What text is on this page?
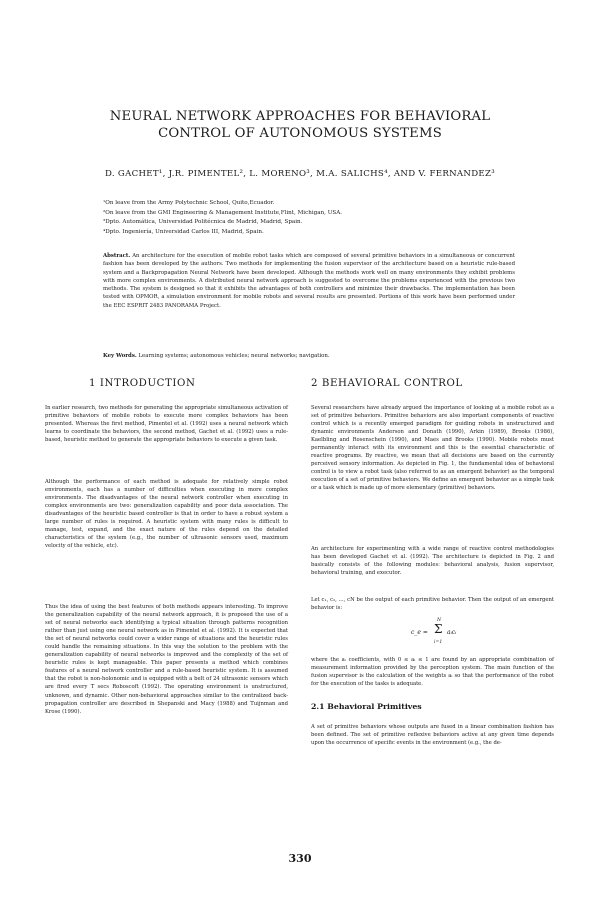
NEURAL NETWORK APPROACHES FOR BEHAVIORAL
CONTROL OF AUTONOMOUS SYSTEMS
D. GACHET¹, J.R. PIMENTEL², L. MORENO³, M.A. SALICHS⁴, AND V. FERNANDEZ³
¹On leave from the Army Polytechnic School, Quito,Ecuador.
²On leave from the GMI Engineering & Management Institute,Flint, Michigan, USA.
³Dpto. Automática, Universidad Politécnica de Madrid, Madrid, Spain.
⁴Dpto. Ingeniería, Universidad Carlos III, Madrid, Spain.
Abstract. An architecture for the execution of mobile robot tasks which are composed of several primitive behaviors in a simultaneous or concurrent fashion has been developed by the authors. Two methods for implementing the fusion supervisor of the architecture based on a heuristic rule-based system and a Backpropagation Neural Network have been developed. Although the methods work well on many environments they exhibit problems with more complex environments. A distributed neural network approach is suggested to overcome the problems experienced with the previous two methods. The system is designed so that it exhibits the advantages of both controllers and minimize their drawbacks. The implementation has been tested with OPMOR, a simulation environment for mobile robots and several results are presented. Portions of this work have been performed under the EEC ESPRIT 2483 PANORAMA Project.
Key Words. Learning systems; autonomous vehicles; neural networks; navigation.
1 INTRODUCTION
In earlier research, two methods for generating the appropriate simultaneous activation of primitive behaviors of mobile robots to execute more complex behaviors has been presented. Whereas the first method, Pimentel et al. (1992) uses a neural network which learns to coordinate the behaviors, the second method, Gachet et al. (1992) uses a rule-based, heuristic method to generate the appropriate behaviors to execute a given task.
Although the performance of each method is adequate for relatively simple robot environments, each has a number of difficulties when executing in more complex environments. The disadvantages of the neural network controller when executing in complex environments are two: generalization capability and poor data association. The disadvantages of the heuristic based controller is that in order to have a robust system a large number of rules is required. A heuristic system with many rules is difficult to manage, test, expand, and the exact nature of the rules depend on the detailed characteristics of the system (e.g., the number of ultrasonic sensors used, maximum velocity of the vehicle, etc).
Thus the idea of using the best features of both methods appears interesting. To improve the generalization capability of the neural network approach, it is proposed the use of a set of neural networks each identifying a typical situation through patterns recognition rather than just using one neural network as in Pimentel et al. (1992). It is expected that the set of neural networks could cover a wider range of situations and the heuristic rules could handle the remaining situations. In this way the solution to the problem with the generalization capability of neural networks is improved and the complexity of the set of heuristic rules is kept manageable. This paper presents a method which combines features of a neural network controller and a rule-based heuristic system. It is assumed that the robot is non-holonomic and is equipped with a belt of 24 ultrasonic sensors which are fired every T secs Roboscoft (1992). The operating environment is unstructured, unknown, and dynamic. Other non-behavioral approaches similar to the centralized back-propagation controller are described in Shepanski and Macy (1988) and Tuijnman and Krose (1990).
2 BEHAVIORAL CONTROL
Several researchers have already argued the importance of looking at a mobile robot as a set of primitive behaviors. Primitive behaviors are also important components of reactive control which is a recently emerged paradigm for guiding robots in unstructured and dynamic environments Anderson and Donath (1990), Arkin (1989), Brooks (1986), Kaelbling and Rosenschein (1990), and Maes and Brooks (1990). Mobile robots must permanently interact with its environment and this is the essential characteristic of reactive programs. By reactive, we mean that all decisions are based on the currently perceived sensory information. As depicted in Fig. 1, the fundamental idea of behavioral control is to view a robot task (also referred to as an emergent behavior) as the temporal execution of a set of primitive behaviors. We define an emergent behavior as a simple task or a task which is made up of more elementary (primitive) behaviors.
An architecture for experimenting with a wide range of reactive control methodologies has been developed Gachet et al. (1992). The architecture is depicted in Fig. 2 and basically consists of the following modules: behavioral analysis, fusion supervisor, behavioral training, and executor.
Let c₁, c₂, ..., cN be the output of each primitive behavior. Then the output of an emergent behavior is:
c_e =
N
Σ
i=1
aᵢcᵢ
where the aᵢ coefficients, with 0 ≤ aᵢ ≤ 1 are found by an appropriate combination of measurement information provided by the perception system. The main function of the fusion supervisor is the calculation of the weights aᵢ so that the performance of the robot for the execution of the tasks is adequate.
2.1 Behavioral Primitives
A set of primitive behaviors whose outputs are fused in a linear combination fashion has been defined. The set of primitive reflexive behaviors active at any given time depends upon the occurrence of specific events in the environment (e.g., the de-
330
